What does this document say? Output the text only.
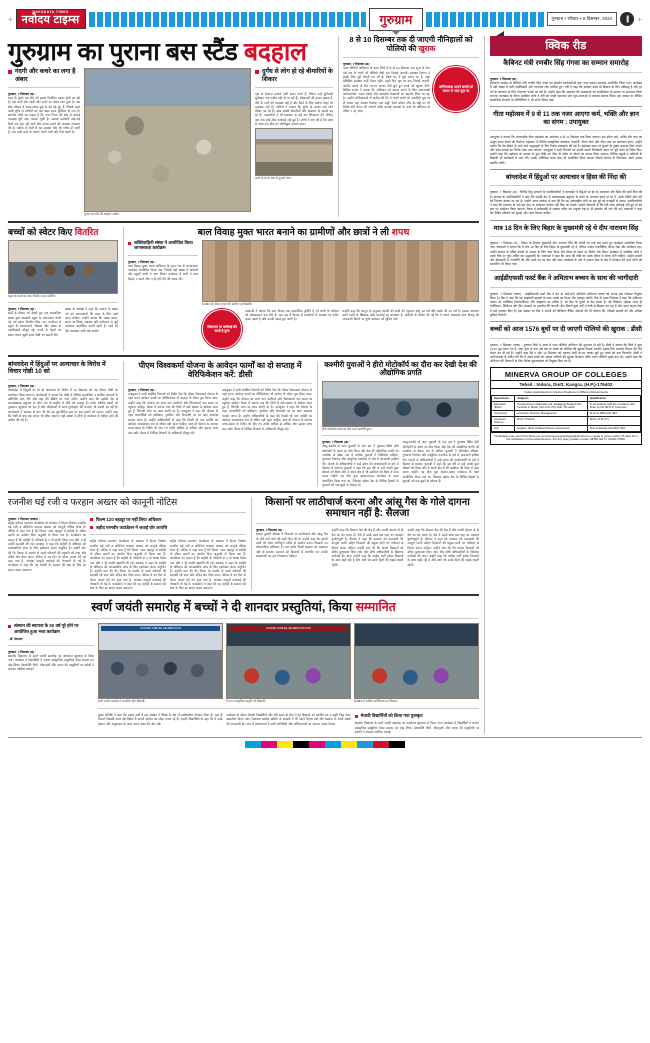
+
NAVODAYA TIMES
नवोदय टाइम्स	गुरुग्राम	गुरुग्राम • रविवार • 8 दिसम्बर, 2024	||| +
गुरुग्राम का पुराना बस स्टैंड बदहाल
गंदगी और कचरे का लगा है अंबार
गुरुग्राम, 7 दिसम्बर (अ) :
शहर के पुराने बस स्टैंड की हालत दिनोंदिन बदतर होती जा रही है। यहां चारों ओर गंदगी और कचरे का अंबार लगा हुआ है। बस स्टैंड परिसर में जगह-जगह कूड़े के ढेर पड़े हुए हैं, जिनसे उठने वाली दुर्गंध से यात्रियों का यहां खड़ा रहना मुश्किल हो गया है। स्थानीय लोगों का कहना है कि नगर निगम की ओर से सफाई व्यवस्था पूरी तरह चरमरा चुकी है। सफाई कर्मचारी कई-कई दिनों तक यहां नहीं आते और कचरा उठाने की व्यवस्था नाममात्र की है। बारिश के दिनों में यह समस्या और भी गंभीर हो जाती है, जब पानी भरने के कारण गंदगी चारों ओर फैल जाती है।
पुराना बस स्टैंड की बदहाल तस्वीर।
दुर्गंध से लोग हो रहे बीमारियों के शिकार
यहां से रोजाना हजारों यात्री सफर करते हैं, लेकिन उन्हें बुनियादी सुविधाएं तक नसीब नहीं हो पा रही हैं। शौचालयों की हालत खस्ता है, पीने के पानी की व्यवस्था नहीं है और बैठने के लिए पर्याप्त जगह भी उपलब्ध नहीं है। यात्रियों ने बताया कि दुर्गंध के कारण कई लोग बीमार पड़ रहे हैं। सांस संबंधी बीमारियों और संक्रमण के मामले बढ़ रहे हैं। व्यापारियों ने भी प्रशासन से कई बार शिकायत की, लेकिन अब तक कोई ठोस कार्रवाई नहीं हुई है। लोगों ने मांग की है कि जल्द से जल्द बस स्टैंड का जीर्णोद्धार कराया जाए।
कचरे के ढेर के पास से गुजरते लोग।
8 से 10 दिसम्बर तक दी जाएगी नौनिहालों को पोलियो की खुराक
गुरुग्राम, 7 दिसम्बर (अ) :
अभिभावक अपने बच्चों को जरूर ले जाएं बूथ पर
पल्स पोलियो अभियान के तहत जिले में 8 से 10 दिसम्बर तक शून्य से पांच वर्ष तक के बच्चों को पोलियो रोधी दवा पिलाई जाएगी। स्वास्थ्य विभाग ने इसके लिए पूरी तैयारी कर ली है। जिले भर में बूथ बनाए गए हैं, जहां प्रशिक्षित स्वास्थ्य कर्मी तैनात रहेंगे। पहले दिन बूथ पर दवा पिलाई जाएगी, जबकि अगले दो दिन घर-घर जाकर टीमें छूटे हुए बच्चों को खुराक देंगी। सिविल सर्जन ने बताया कि अभियान को सफल बनाने के लिए आंगनबाड़ी कार्यकर्ताओं, आशा वर्कर्स और स्वयंसेवी संस्थाओं का सहयोग लिया जा रहा है। उन्होंने अभिभावकों से अपील की कि वे अपने बच्चों को नजदीकी बूथ पर ले जाकर दवा अवश्य पिलाएं। बस अड्डों, रेलवे स्टेशन और ईंट-भट्ठों पर भी विशेष टीमें तैनात की जाएंगी ताकि प्रवासी आबादी के बच्चे भी अभियान से वंचित न रह जाएं।
बच्चों को स्वेटर किए वितरित
स्कूल के बच्चों को स्वेटर वितरित करते अतिथि।
गुरुग्राम, 7 दिसम्बर (अ) :
सर्दी के मौसम को देखते हुए एक सामाजिक संस्था द्वारा सरकारी स्कूल के जरूरतमंद बच्चों को गर्म स्वेटर वितरित किए गए। कार्यक्रम में स्कूल के प्रधानाचार्य, शिक्षक और संस्था के पदाधिकारी मौजूद रहे। बच्चों के चेहरों पर स्वेटर पाकर खुशी साफ देखी जा सकती थी।
संस्था के अध्यक्ष ने कहा कि समाज के सक्षम वर्ग को जरूरतमंदों की मदद के लिए आगे आना चाहिए। उन्होंने बताया कि संस्था समय-समय पर शिक्षा, स्वास्थ्य और पर्यावरण से जुड़े कार्यक्रम आयोजित करती रहती है। आगे भी ऐसे कार्यक्रम जारी रखे जाएंगे।
बाल विवाह मुक्त भारत बनाने का ग्रामीणों और छात्रों ने ली शपथ
शक्तिवाहिनी संस्था ने आयोजित किया जागरूकता कार्यक्रम
गुरुग्राम, 7 दिसम्बर (अ) :
बाल विवाह मुक्त भारत अभियान के तहत गांव में जागरूकता कार्यक्रम आयोजित किया गया, जिसमें बड़ी संख्या में ग्रामीणों और स्कूली छात्रों ने भाग लिया। कार्यक्रम में सभी ने बाल विवाह न करने और न ही होने देने की शपथ ली।
कार्यक्रम के दौरान शपथ लेते ग्रामीण एवं विद्यार्थी।
शिकायत पर कार्रवाई की जाती है तुरंत
वक्ताओं ने बताया कि बाल विवाह एक सामाजिक कुरीति है जो बच्चों के भविष्य को अंधकारमय बना देती है। कम उम्र में विवाह से लड़कियों के स्वास्थ्य पर गंभीर असर पड़ता है और उनकी पढ़ाई छूट जाती है।
उन्होंने कहा कि कानून के अनुसार लड़की की शादी की न्यूनतम आयु 18 वर्ष और लड़के की 21 वर्ष है। इसका उल्लंघन करने वालों के खिलाफ कड़ी कार्रवाई का प्रावधान है। ग्रामीणों से अपील की गई कि वे अपने आसपास बाल विवाह की जानकारी मिलने पर तुरंत प्रशासन को सूचित करें।
बांग्लादेश में हिंदुओं पर अत्याचार के विरोध में विचार गोष्ठी 10 को
गुरुग्राम, 7 दिसम्बर (अ) :
बांग्लादेश में हिंदुओं पर हो रहे अत्याचार के विरोध में 10 दिसम्बर को एक विचार गोष्ठी का आयोजन किया जाएगा। आयोजकों ने बताया कि गोष्ठी में विभिन्न सामाजिक व धार्मिक संगठनों के प्रतिनिधि भाग लेंगे और वहां की स्थिति पर चर्चा करेंगे। उन्होंने कहा कि पड़ोसी देश में अल्पसंख्यक समुदाय के लोग भय के माहौल में जीने को मजबूर हैं। उनके धार्मिक स्थलों को नुकसान पहुंचाया जा रहा है और महिलाओं के साथ दुर्व्यवहार की घटनाएं भी सामने आ रही हैं। आयोजकों ने सरकार से मांग की कि वह कूटनीतिक स्तर पर इस मामले को उठाए। उन्होंने कहा कि गोष्ठी के बाद एक ज्ञापन भी सौंपा जाएगा। बड़ी संख्या में लोगों से कार्यक्रम में शामिल होने की अपील की गई है।
पीएम विश्वकर्मा योजना के आवेदन फार्मों का दो सप्ताह में वेरिफिकेशन करें: डीसी
गुरुग्राम, 7 दिसम्बर (अ) :
उपायुक्त ने सभी संबंधित विभागों को निर्देश दिए कि पीएम विश्वकर्मा योजना के तहत प्राप्त आवेदन फार्मों का वेरिफिकेशन दो सप्ताह के भीतर पूरा किया जाए। उन्होंने कहा कि योजना का लाभ पात्र कारीगरों और शिल्पकारों तक समय पर पहुंचना चाहिए। बैठक में बताया गया कि जिले में बड़ी संख्या में आवेदन प्राप्त हुए हैं, जिनकी जांच का काम प्रगति पर है। उपायुक्त ने कहा कि योजना के तहत लाभार्थियों को प्रशिक्षण, टूलकिट और रियायती दर पर ऋण उपलब्ध कराया जाता है। उन्होंने अधिकारियों से कहा कि किसी भी पात्र व्यक्ति का आवेदन अनावश्यक रूप से लंबित नहीं रहना चाहिए। साथ ही योजना के व्यापक प्रचार-प्रसार के निर्देश भी दिए गए ताकि अधिक से अधिक लोग इसका लाभ उठा सकें। बैठक में विभिन्न विभागों के अधिकारी मौजूद रहे।
उपायुक्त ने सभी संबंधित विभागों को निर्देश दिए कि पीएम विश्वकर्मा योजना के तहत प्राप्त आवेदन फार्मों का वेरिफिकेशन दो सप्ताह के भीतर पूरा किया जाए। उन्होंने कहा कि योजना का लाभ पात्र कारीगरों और शिल्पकारों तक समय पर पहुंचना चाहिए। बैठक में बताया गया कि जिले में बड़ी संख्या में आवेदन प्राप्त हुए हैं, जिनकी जांच का काम प्रगति पर है। उपायुक्त ने कहा कि योजना के तहत लाभार्थियों को प्रशिक्षण, टूलकिट और रियायती दर पर ऋण उपलब्ध कराया जाता है। उन्होंने अधिकारियों से कहा कि किसी भी पात्र व्यक्ति का आवेदन अनावश्यक रूप से लंबित नहीं रहना चाहिए। साथ ही योजना के व्यापक प्रचार-प्रसार के निर्देश भी दिए गए ताकि अधिक से अधिक लोग इसका लाभ उठा सकें। बैठक में विभिन्न विभागों के अधिकारी मौजूद रहे।
कश्मीरी युवाओं ने हीरो मोटोकॉर्प का दौरा कर देखी देश की औद्योगिक प्रगति
हीरो मोटोकॉर्प संयंत्र का दौरा करते कश्मीरी युवा।
गुरुग्राम, 7 दिसम्बर (अ) :
जम्मू-कश्मीर से आए युवाओं के एक दल ने गुरुग्राम स्थित हीरो मोटोकॉर्प के संयंत्र का दौरा किया और देश की औद्योगिक प्रगति को नजदीक से देखा। दल में शामिल युवाओं ने विनिर्माण प्रक्रिया, गुणवत्ता नियंत्रण और आधुनिक तकनीक के बारे में जानकारी हासिल की। कंपनी के अधिकारियों ने उन्हें संयंत्र की कार्यप्रणाली के बारे में विस्तार से बताया। युवाओं ने कहा कि इस दौरे से उन्हें काफी कुछ सीखने को मिला और वे अपने क्षेत्र में भी उद्यमिता की दिशा में काम करना चाहेंगे। यह दौरा युवा आदान-प्रदान कार्यक्रम के तहत आयोजित किया गया था, जिसका उद्देश्य देश के विभिन्न हिस्सों के युवाओं को एक-दूसरे से जोड़ना है।
जम्मू-कश्मीर से आए युवाओं के एक दल ने गुरुग्राम स्थित हीरो मोटोकॉर्प के संयंत्र का दौरा किया और देश की औद्योगिक प्रगति को नजदीक से देखा। दल में शामिल युवाओं ने विनिर्माण प्रक्रिया, गुणवत्ता नियंत्रण और आधुनिक तकनीक के बारे में जानकारी हासिल की। कंपनी के अधिकारियों ने उन्हें संयंत्र की कार्यप्रणाली के बारे में विस्तार से बताया। युवाओं ने कहा कि इस दौरे से उन्हें काफी कुछ सीखने को मिला और वे अपने क्षेत्र में भी उद्यमिता की दिशा में काम करना चाहेंगे। यह दौरा युवा आदान-प्रदान कार्यक्रम के तहत आयोजित किया गया था, जिसका उद्देश्य देश के विभिन्न हिस्सों के युवाओं को एक-दूसरे से जोड़ना है।
रजनीश घई रजी व फरहान अख्तर को कानूनी नोटिस
गुरुग्राम, 7 दिसम्बर (संवाद) :
शहीद परिवार कल्याण फाउंडेशन के संरक्षक ने फिल्म निर्माता रजनीश घई रजी व अभिनेता फरहान अख्तर को कानूनी नोटिस भेजा है। नोटिस में कहा गया है कि फिल्म '120 बहादुर' में शहीदों के जीवन प्रसंगों का उपयोग बिना अनुमति के किया गया है। फाउंडेशन का कहना है कि शहीदों के परिवारों से न तो संपर्क किया गया और न ही उनकी सहमति ली गई। संरक्षक ने कहा कि शहीदों के बलिदान को व्यावसायिक लाभ के लिए इस्तेमाल करना अनुचित है। उन्होंने मांग की कि फिल्म के प्रदर्शन से पहले परिवारों की सहमति ली जाए और उचित श्रेय दिया जाए। नोटिस में 15 दिन के भीतर जवाब देने को कहा गया है, अन्यथा कानूनी कार्रवाई की चेतावनी दी गई है। फाउंडेशन ने कहा कि वह शहीदों के सम्मान की रक्षा के लिए हर संभव कदम उठाएगा।
फिल्म 120 बहादुर पर नहीं लिया अधिकार
शहीद परमवीर फाउंडेशन ने जताई घोर आपत्ति
शहीद परिवार कल्याण फाउंडेशन के संरक्षक ने फिल्म निर्माता रजनीश घई रजी व अभिनेता फरहान अख्तर को कानूनी नोटिस भेजा है। नोटिस में कहा गया है कि फिल्म '120 बहादुर' में शहीदों के जीवन प्रसंगों का उपयोग बिना अनुमति के किया गया है। फाउंडेशन का कहना है कि शहीदों के परिवारों से न तो संपर्क किया गया और न ही उनकी सहमति ली गई। संरक्षक ने कहा कि शहीदों के बलिदान को व्यावसायिक लाभ के लिए इस्तेमाल करना अनुचित है। उन्होंने मांग की कि फिल्म के प्रदर्शन से पहले परिवारों की सहमति ली जाए और उचित श्रेय दिया जाए। नोटिस में 15 दिन के भीतर जवाब देने को कहा गया है, अन्यथा कानूनी कार्रवाई की चेतावनी दी गई है। फाउंडेशन ने कहा कि वह शहीदों के सम्मान की रक्षा के लिए हर संभव कदम उठाएगा।
शहीद परिवार कल्याण फाउंडेशन के संरक्षक ने फिल्म निर्माता रजनीश घई रजी व अभिनेता फरहान अख्तर को कानूनी नोटिस भेजा है। नोटिस में कहा गया है कि फिल्म '120 बहादुर' में शहीदों के जीवन प्रसंगों का उपयोग बिना अनुमति के किया गया है। फाउंडेशन का कहना है कि शहीदों के परिवारों से न तो संपर्क किया गया और न ही उनकी सहमति ली गई। संरक्षक ने कहा कि शहीदों के बलिदान को व्यावसायिक लाभ के लिए इस्तेमाल करना अनुचित है। उन्होंने मांग की कि फिल्म के प्रदर्शन से पहले परिवारों की सहमति ली जाए और उचित श्रेय दिया जाए। नोटिस में 15 दिन के भीतर जवाब देने को कहा गया है, अन्यथा कानूनी कार्रवाई की चेतावनी दी गई है। फाउंडेशन ने कहा कि वह शहीदों के सम्मान की रक्षा के लिए हर संभव कदम उठाएगा।
किसानों पर लाठीचार्ज करना और आंसू गैस के गोले दागना समाधान नहीं है: सैलजा
गुरुग्राम, 7 दिसम्बर (अ) :
सांसद कुमारी सैलजा ने किसानों पर लाठीचार्ज और आंसू गैस के गोले दागे जाने की कड़ी निंदा की है। उन्होंने कहा कि अपनी मांगों को लेकर शांतिपूर्ण तरीके से प्रदर्शन करना किसानों का लोकतांत्रिक अधिकार है। बल प्रयोग किसी समस्या का समाधान नहीं हो सकता। सरकार को किसानों से बातचीत कर उनकी समस्याओं का हल निकालना चाहिए।
उन्होंने कहा कि किसान देश की रीढ़ हैं और उनकी मेहनत से ही देश का पेट भरता है। ऐसे में उनके साथ इस तरह का व्यवहार दुर्भाग्यपूर्ण है। सैलजा ने कहा कि सरकार को एमएसपी की कानूनी गारंटी सहित किसानों की प्रमुख मांगों पर गंभीरता से विचार करना चाहिए। उन्होंने मांग की कि घायल किसानों को उचित मुआवजा दिया जाए और दोषी अधिकारियों के खिलाफ कार्रवाई की जाए। उन्होंने कहा कि कांग्रेस पार्टी हमेशा किसानों के साथ खड़ी रही है और आगे भी उनके हितों की लड़ाई लड़ती रहेगी।
उन्होंने कहा कि किसान देश की रीढ़ हैं और उनकी मेहनत से ही देश का पेट भरता है। ऐसे में उनके साथ इस तरह का व्यवहार दुर्भाग्यपूर्ण है। सैलजा ने कहा कि सरकार को एमएसपी की कानूनी गारंटी सहित किसानों की प्रमुख मांगों पर गंभीरता से विचार करना चाहिए। उन्होंने मांग की कि घायल किसानों को उचित मुआवजा दिया जाए और दोषी अधिकारियों के खिलाफ कार्रवाई की जाए। उन्होंने कहा कि कांग्रेस पार्टी हमेशा किसानों के साथ खड़ी रही है और आगे भी उनके हितों की लड़ाई लड़ती रहेगी।
स्वर्ण जयंती समारोह में बच्चों ने दी शानदार प्रस्तुतियां, किया सम्मानित
संस्थान की स्थापना के 50 वर्ष पूरे होने पर आयोजित हुआ भव्य कार्यक्रम
- डॉ. देशपाल
गुरुग्राम, 7 दिसम्बर (अ) :
स्थानीय विद्यालय के स्वर्ण जयंती समारोह का आयोजन धूमधाम से किया गया। कार्यक्रम में विद्यार्थियों ने रंगारंग सांस्कृतिक प्रस्तुतियां देकर सबका मन मोह लिया। देशभक्ति गीतों, लोकनृत्यों और नाटक की प्रस्तुतियों पर दर्शकों ने जमकर तालियां बजाईं।
GOLDEN JUBILEE CELEBRATION
स्वर्ण जयंती समारोह में सम्मानित होते विद्यार्थी।
GOLDEN JUBILEE CELEBRATION DAY
मंच पर सांस्कृतिक प्रस्तुति देते विद्यार्थी।	कार्यक्रम में शामिल अतिथिगण एवं शिक्षक।
मुख्य अतिथि ने कहा कि पचास वर्षों में इस संस्थान ने शिक्षा के क्षेत्र में उल्लेखनीय योगदान दिया है। यहां से निकले विद्यार्थी आज देश-विदेश में अपनी प्रतिभा का लोहा मनवा रहे हैं। उन्होंने विद्यार्थियों से कहा कि वे कड़ी मेहनत और अनुशासन के साथ अपने लक्ष्य की ओर बढ़ें।
कार्यक्रम के दौरान मेधावी विद्यार्थियों और लंबे समय से सेवा दे रहे शिक्षकों को प्रशस्ति पत्र व स्मृति चिह्न देकर सम्मानित किया गया। विद्यालय प्रबंधन समिति के सदस्यों ने भी अपने विचार रखे और संस्थान के भावी लक्ष्यों की जानकारी दी। अंत में प्रधानाचार्य ने सभी अतिथियों और अभिभावकों का आभार व्यक्त किया।
मेधावी विद्यार्थियों को किया गया पुरस्कृत
स्थानीय विद्यालय के स्वर्ण जयंती समारोह का आयोजन धूमधाम से किया गया। कार्यक्रम में विद्यार्थियों ने रंगारंग सांस्कृतिक प्रस्तुतियां देकर सबका मन मोह लिया। देशभक्ति गीतों, लोकनृत्यों और नाटक की प्रस्तुतियों पर दर्शकों ने जमकर तालियां बजाईं।
क्विक रीड
कैबिनट मंत्री रणबीर सिंह गंगवा का सम्मान समारोह
गुरुग्राम, 7 दिसम्बर (अ) :
हरियाणा सरकार के कैबिनेट मंत्री रणबीर सिंह गंगवा का स्थानीय कार्यकर्ताओं द्वारा भव्य सम्मान समारोह आयोजित किया गया। कार्यक्रम में बड़ी संख्या में पार्टी पदाधिकारी और गणमान्य लोग शामिल हुए। मंत्री ने कहा कि सरकार प्रदेश के विकास के लिए प्रतिबद्ध है और हर वर्ग के कल्याण के लिए योजनाएं चलाई जा रही हैं। उन्होंने कहा कि आमजन की समस्याओं का प्राथमिकता के आधार पर समाधान किया जाएगा। कार्यक्रम के दौरान उपस्थित लोगों ने मंत्री को पगड़ी पहनाकर और फूल-मालाओं से लादकर स्वागत किया। इस अवसर पर विभिन्न सामाजिक संगठनों के प्रतिनिधियों ने भी अपने विचार रखे।
गीता महोत्सव में 9 से 11 तक नजर आएगा कर्म, भक्ति और ज्ञान का संगम : उपायुक्त
उपायुक्त ने बताया कि अंतरराष्ट्रीय गीता महोत्सव का आयोजन 9 से 11 दिसम्बर तक किया जाएगा। इस दौरान कर्म, भक्ति और ज्ञान का अद्भुत संगम देखने को मिलेगा। महोत्सव में विभिन्न सांस्कृतिक कार्यक्रम, प्रदर्शनी, शिल्प मेला और गीता पाठ का आयोजन होगा। उन्होंने बताया कि देश-विदेश से आने वाले श्रद्धालुओं के लिए विशेष व्यवस्थाएं की गई हैं। महोत्सव स्थल पर सुरक्षा के पुख्ता इंतजाम किए जाएंगे और साफ-सफाई का विशेष ध्यान रखा जाएगा। उपायुक्त ने सभी विभागों को अपनी-अपनी जिम्मेदारी समय पर पूरी करने के निर्देश दिए। उन्होंने कहा कि महोत्सव के माध्यम से युवा पीढ़ी को गीता के संदेश से जोड़ने का प्रयास किया जाएगा। विभिन्न स्कूलों व कॉलेजों के विद्यार्थी भी कार्यक्रमों में भाग लेंगे। इसके अतिरिक्त सरस मेला भी आयोजित किया जाएगा जिसमें देशभर के शिल्पकार अपने उत्पाद प्रदर्शित करेंगे।
बांग्लादेश में हिंदुओं पर अत्याचार व हिंसा की निंदा की
गुरुग्राम, 7 दिसम्बर (अ) : विभिन्न हिंदू संगठनों के पदाधिकारियों ने बांग्लादेश में हिंदुओं पर हो रहे अत्याचार और हिंसा की कड़ी निंदा की है। संगठन के पदाधिकारियों ने कहा कि पड़ोसी देश में अल्पसंख्यक समुदाय के लोगों पर लगातार हमले हो रहे हैं, उनके मंदिरों और घरों को निशाना बनाया जा रहा है। उन्होंने भारत सरकार से मांग की कि वह अंतरराष्ट्रीय मंचों पर इस मुद्दे को मजबूती से उठाए। पदाधिकारियों ने कहा कि मानवता के नाते इस तरह के अत्याचार बर्दाश्त नहीं किए जा सकते। उन्होंने चेतावनी दी कि यदि जल्द कार्रवाई नहीं हुई तो बड़े स्तर पर आंदोलन किया जाएगा। बैठक में सर्वसम्मति से प्रस्ताव पारित कर संयुक्त राष्ट्र से भी हस्तक्षेप की मांग की गई। वक्ताओं ने कहा कि पीड़ित परिवारों को सुरक्षा और न्याय मिलना चाहिए।
मात्र 18 दिन के लिए बिहार के मुख्यमंत्री रहे थे दीप नारायण सिंह
गुरुग्राम, 7 दिसम्बर (अ) : बिहार के दिवंगत मुख्यमंत्री दीप नारायण सिंह की जयंती पर उन्हें याद करते हुए कार्यक्रम आयोजित किया गया। वक्ताओं ने बताया कि वे मात्र 18 दिन के लिए बिहार के मुख्यमंत्री रहे थे, लेकिन उनका राजनीतिक जीवन लंबा और संघर्षमय रहा। उन्होंने समाज के वंचित तबकों के उत्थान के लिए काम किया और शिक्षा के प्रसार पर विशेष जोर दिया। कार्यक्रम में उपस्थित लोगों ने उनके चित्र पर पुष्प अर्पित कर श्रद्धांजलि दी। वक्ताओं ने कहा कि आज की पीढ़ी को उनके जीवन से प्रेरणा लेनी चाहिए। उन्होंने सादगी और ईमानदारी से राजनीति की और कभी पद का मोह नहीं रखा। कार्यक्रम के अंत में समाज सेवा के क्षेत्र में योगदान देने वाले लोगों को सम्मानित भी किया गया।
आईडीएफसी फर्स्ट बैंक ने अमिताभ बच्चन के साथ की भागीदारी
गुरुग्राम, 7 दिसम्बर (भाषा) : आईडीएफसी फर्स्ट बैंक ने देश के जाने-माने अभिनेता अमिताभ बच्चन को अपना ब्रांड एंबेसडर नियुक्त किया है। बैंक ने कहा कि यह साझेदारी ग्राहकों के साथ भरोसे का रिश्ता और मजबूत करेगी। बैंक के प्रबंध निदेशक ने कहा कि अमिताभ बच्चन का व्यक्तित्व विश्वसनीयता और उत्कृष्टता का प्रतीक है, जो बैंक के मूल्यों से मेल खाता है। नई विज्ञापन शृंखला जल्द ही टेलीविजन, डिजिटल और प्रिंट माध्यमों पर प्रसारित की जाएगी। बैंक पिछले कुछ वर्षों में तेजी से विस्तार कर रहा है और उसने ग्राहक सेवा में कई नवाचार किए हैं। इस अवसर पर बैंक ने अपनी नई डिजिटल बैंकिंग सेवाओं की भी घोषणा की, जिससे ग्राहकों को और अधिक सुविधा मिलेगी।
बच्चों को आज 1576 बूथों पर दी जाएगी पोलियो की खुराक : डीसी
गुरुग्राम, 7 दिसम्बर (भाषा) : गुरुग्राम जिले में आज से पल्स पोलियो अभियान की शुरुआत हो रही है। डीसी ने बताया कि जिले में कुल 1576 बूथ बनाए गए हैं, जहां शून्य से पांच वर्ष तक के बच्चों को पोलियो की खुराक पिलाई जाएगी। इसके लिए स्वास्थ्य विभाग की टीमें तैनात कर दी गई हैं। उन्होंने कहा कि 9 और 10 दिसम्बर को स्वास्थ्य कर्मी घर-घर जाकर छूटे हुए बच्चों को दवा पिलाएंगे। डीसी ने अभिभावकों से अपील की कि वे अपने बच्चों को अवश्य पोलियो की खुराक दिलवाएं ताकि भारत पोलियो मुक्त बना रहे। उन्होंने कहा कि अभियान की निगरानी के लिए विशेष सुपरवाइजर भी नियुक्त किए गए हैं।
MINERVA GROUP OF COLLEGES
Tehsil : Indora, Distt. Kangra, (H.P.)-176402
Invites Applications for Various Positions in Different Departments
Department	Subjects	Qualification
Education (B.Ed.)	Perspectives in Education-02; Pedagogy Subjects-06; Lecturer in Music, Fine Arts, Phy. Edu. (01 each)	In accordance with the conditions laid down by NCTE/ H.P. University
Commerce	Accounts, Finance, Management	M.Com/ MBA with NET
Computer Science	BCA / PGDCA	MCA / M.Sc (IT)
Arts	English, Hindi, Political Science, Economics	Post Graduate with NET/ SET
Candidates may send their Resumes at minervagroupofcolleges@gmail.com or apply in person within 15 days from the publication of this advertisement. For any query please contact: 98150-42173, 94181-37808.
